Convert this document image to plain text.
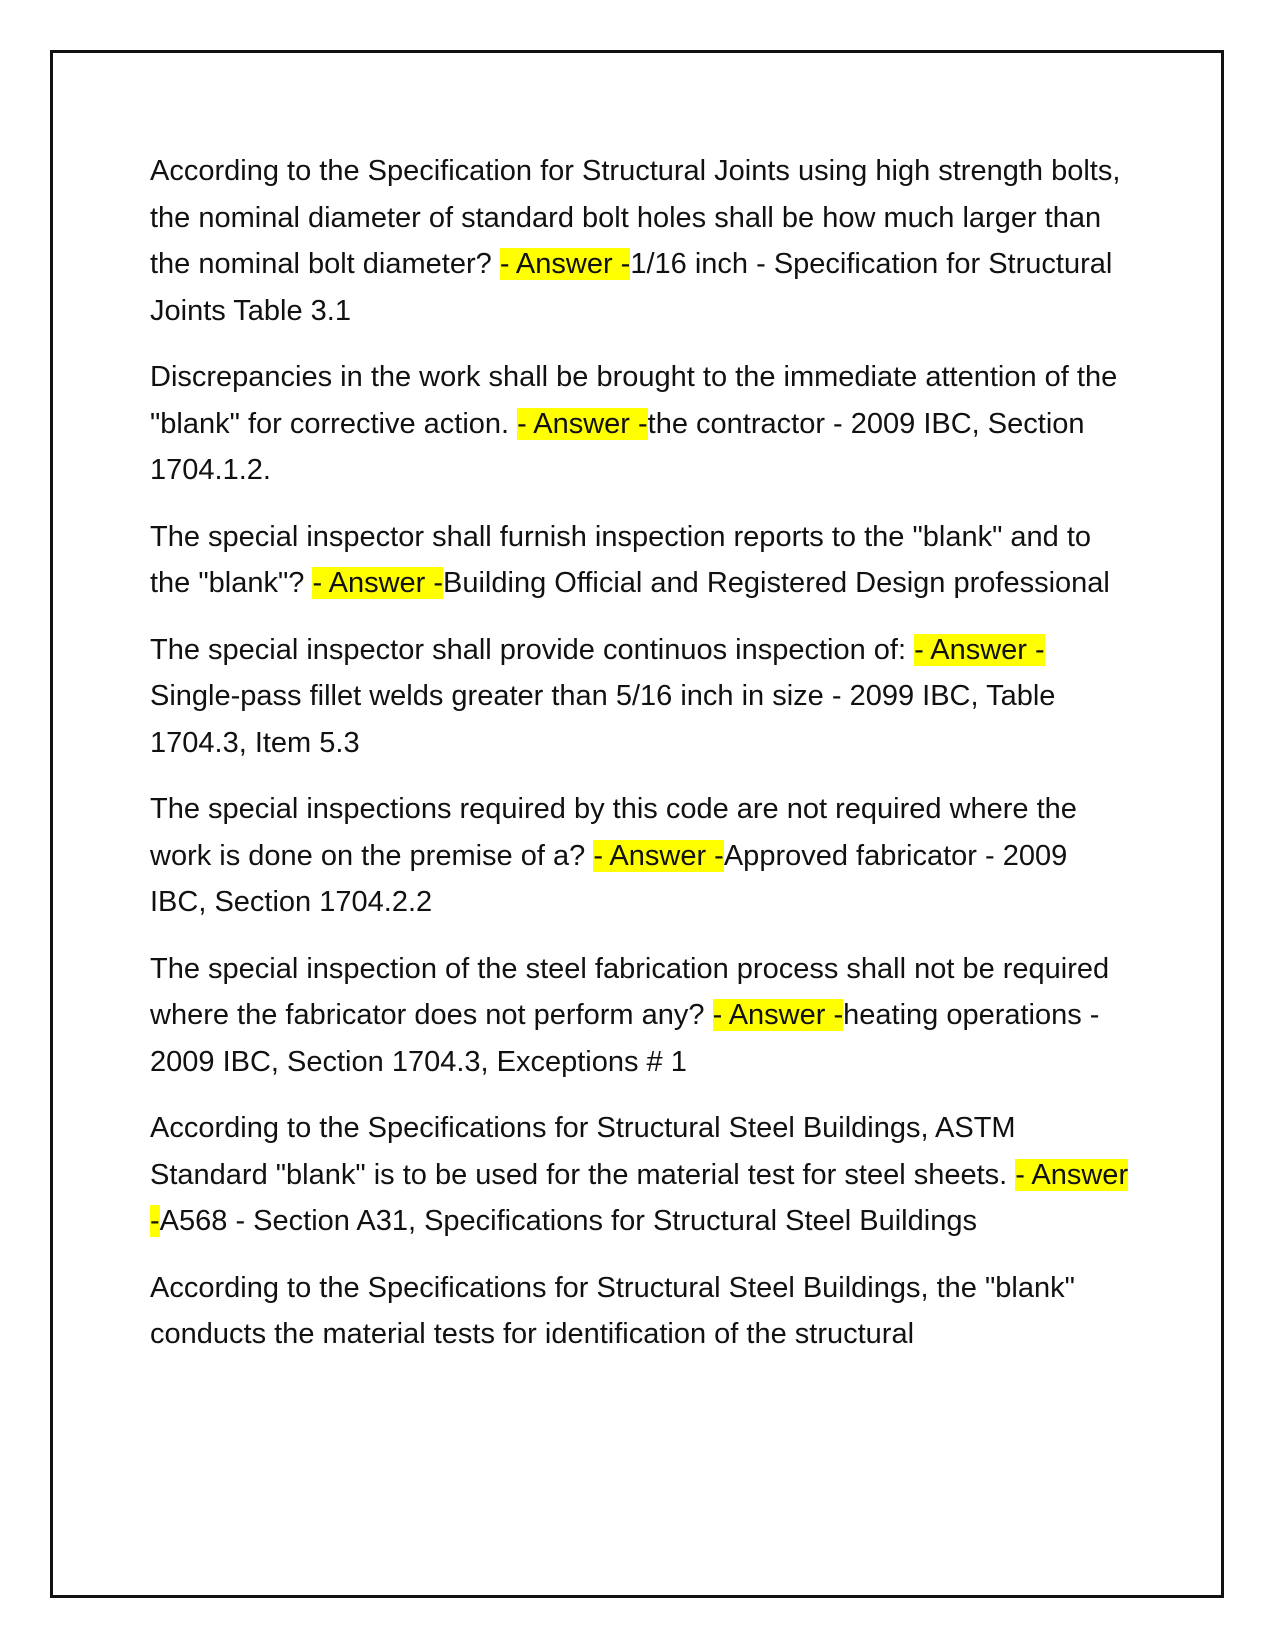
According to the Specification for Structural Joints using high strength bolts, the nominal diameter of standard bolt holes shall be how much larger than the nominal bolt diameter? - Answer -1/16 inch - Specification for Structural Joints Table 3.1

Discrepancies in the work shall be brought to the immediate attention of the "blank" for corrective action. - Answer -the contractor - 2009 IBC, Section 1704.1.2.

The special inspector shall furnish inspection reports to the "blank" and to the "blank"? - Answer -Building Official and Registered Design professional

The special inspector shall provide continuos inspection of: - Answer -Single-pass fillet welds greater than 5/16 inch in size - 2099 IBC, Table 1704.3, Item 5.3

The special inspections required by this code are not required where the work is done on the premise of a? - Answer -Approved fabricator - 2009 IBC, Section 1704.2.2

The special inspection of the steel fabrication process shall not be required where the fabricator does not perform any? - Answer -heating operations - 2009 IBC, Section 1704.3, Exceptions # 1

According to the Specifications for Structural Steel Buildings, ASTM Standard "blank" is to be used for the material test for steel sheets. - Answer -A568 - Section A31, Specifications for Structural Steel Buildings

According to the Specifications for Structural Steel Buildings, the "blank" conducts the material tests for identification of the structural
